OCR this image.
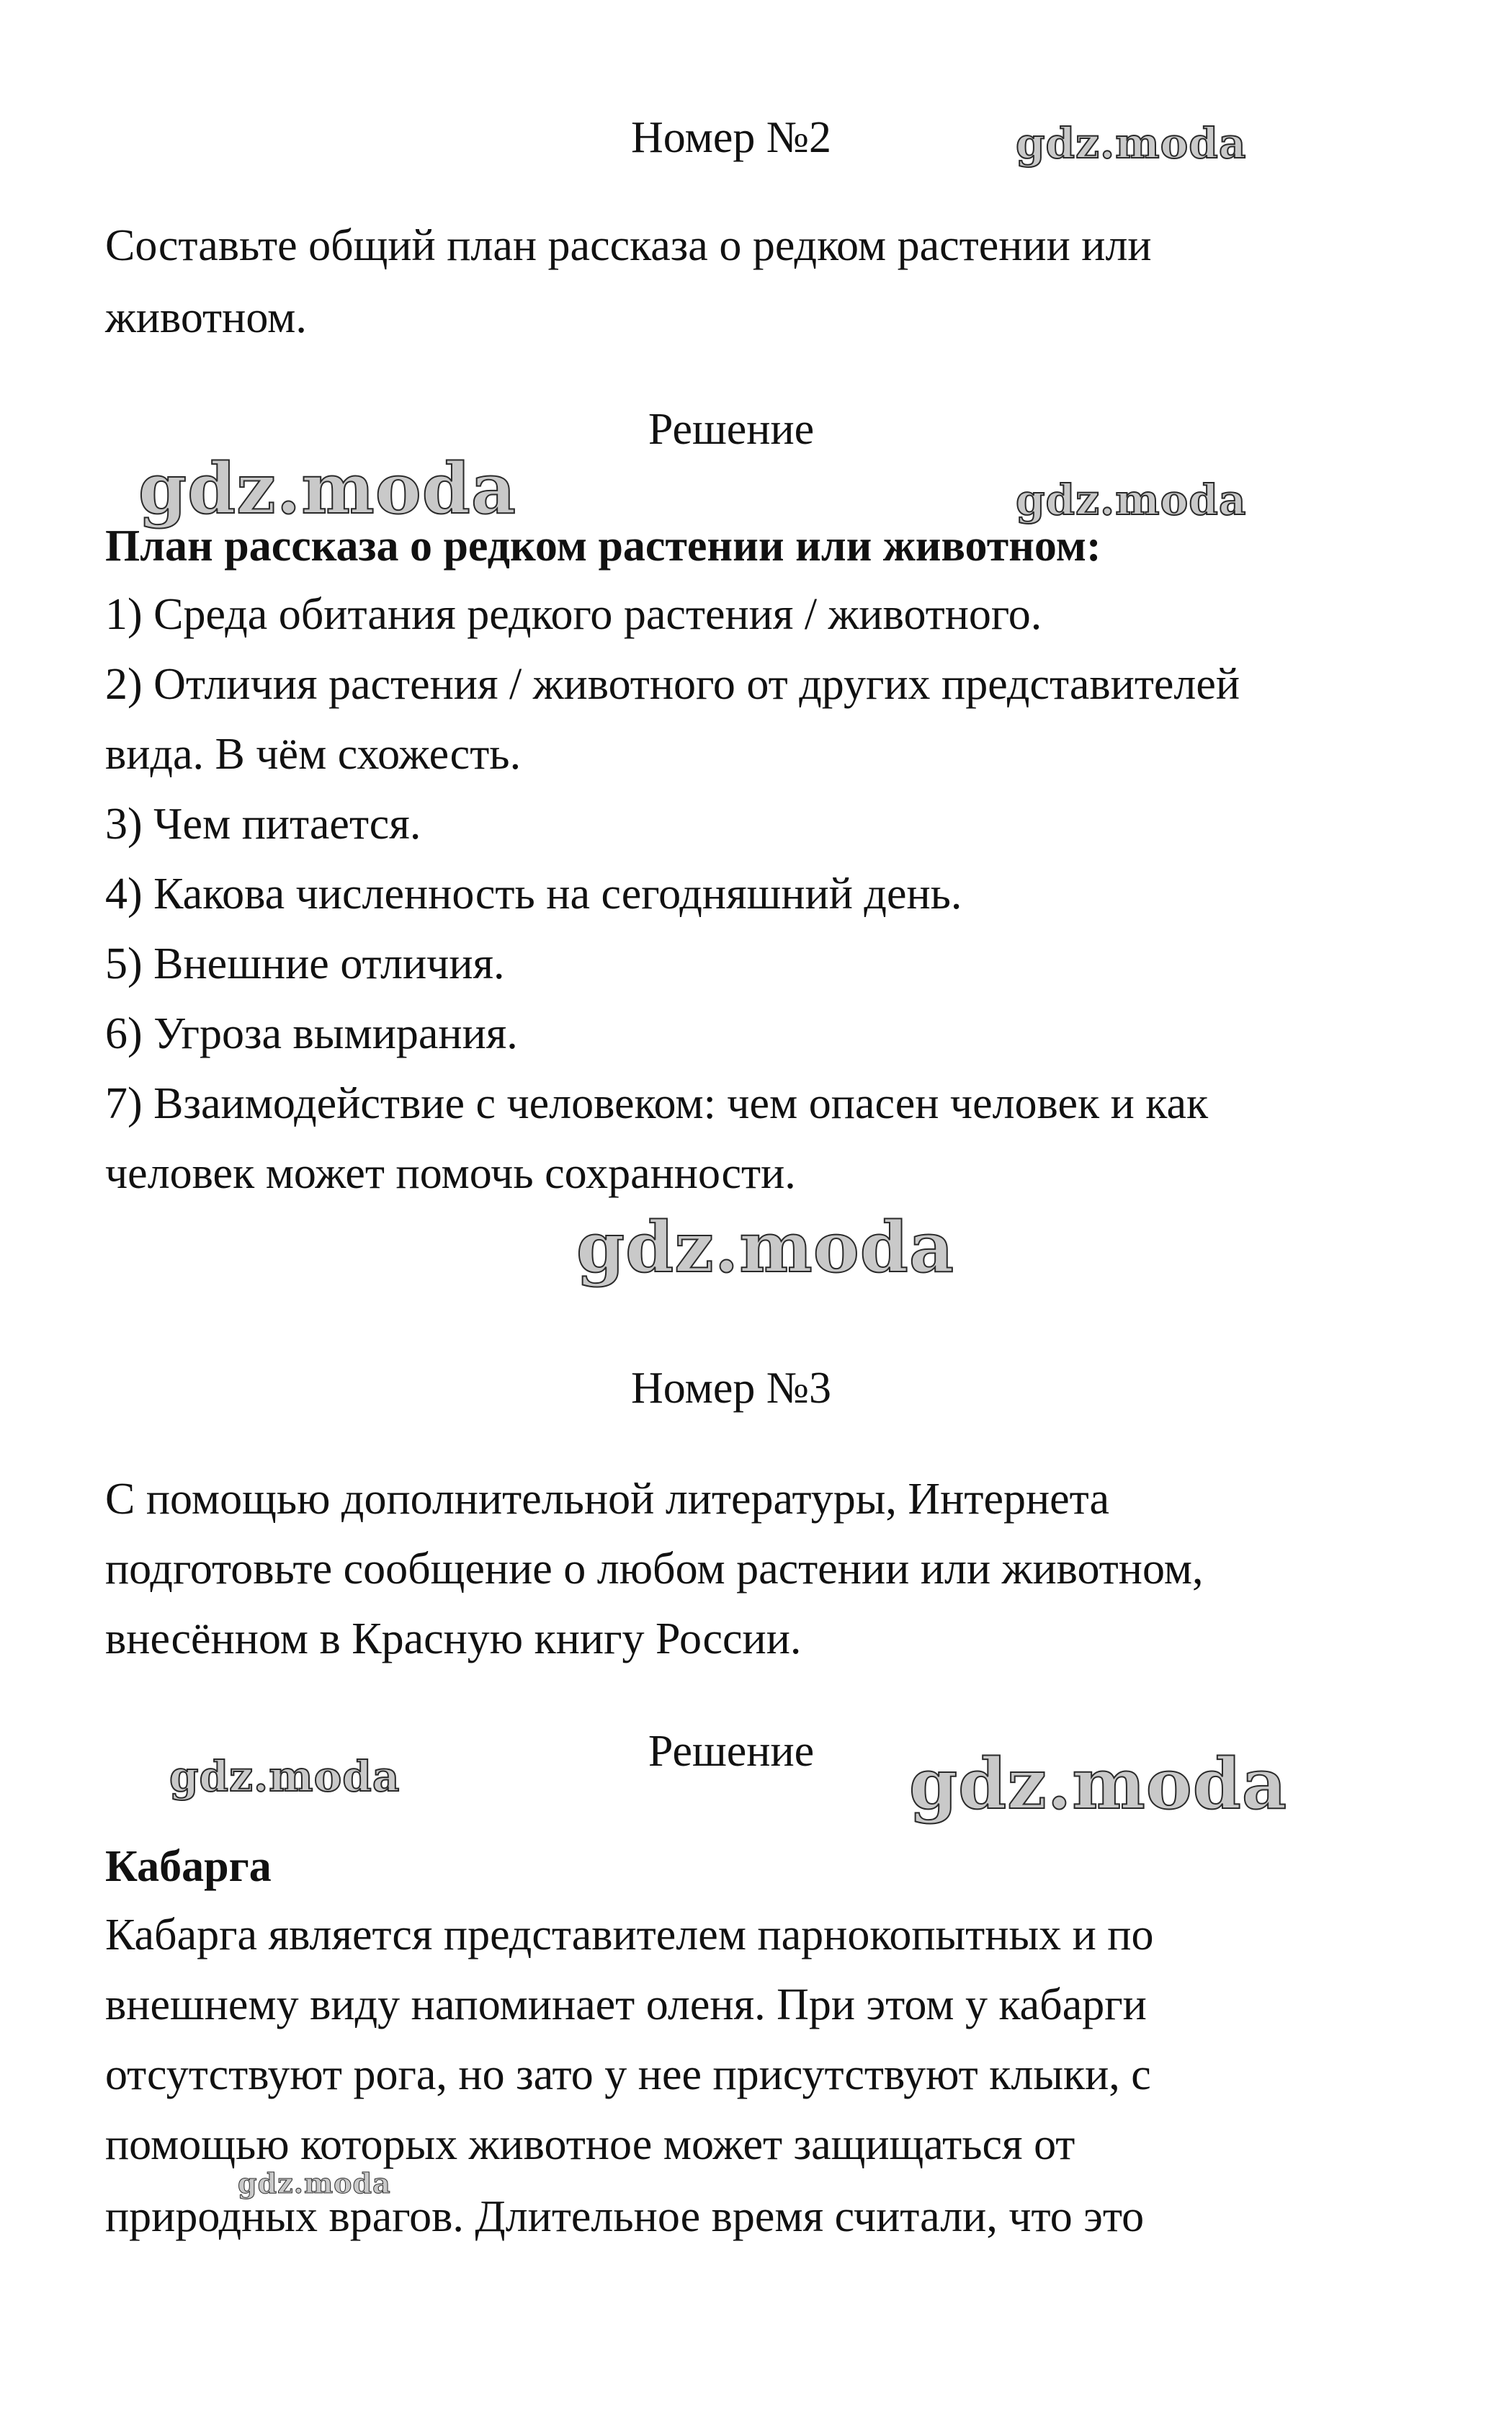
Номер №2
Составьте общий план рассказа о редком растении или
животном.
Решение
План рассказа о редком растении или животном:
1) Среда обитания редкого растения / животного.
2) Отличия растения / животного от других представителей
вида. В чём схожесть.
3) Чем питается.
4) Какова численность на сегодняшний день.
5) Внешние отличия.
6) Угроза вымирания.
7) Взаимодействие с человеком: чем опасен человек и как
человек может помочь сохранности.
Номер №3
С помощью дополнительной литературы, Интернета
подготовьте сообщение о любом растении или животном,
внесённом в Красную книгу России.
Решение
Кабарга
Кабарга является представителем парнокопытных и по
внешнему виду напоминает оленя. При этом у кабарги
отсутствуют рога, но зато у нее присутствуют клыки, с
помощью которых животное может защищаться от
природных врагов. Длительное время считали, что это
gdz.moda
gdz.moda	gdz.moda
gdz.moda
gdz.moda	gdz.moda
gdz.moda
